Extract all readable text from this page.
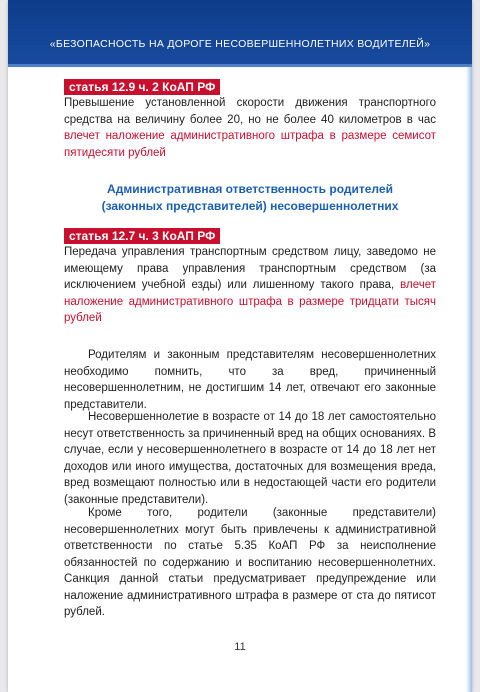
«БЕЗОПАСНОСТЬ НА ДОРОГЕ НЕСОВЕРШЕННОЛЕТНИХ ВОДИТЕЛЕЙ»
статья 12.9 ч. 2 КоАП РФ
Превышение установленной скорости движения транспортного средства на величину более 20, но не более 40 километров в час влечет наложение административного штрафа в размере семисот пятидесяти рублей
Административная ответственность родителей
(законных представителей) несовершеннолетних
статья 12.7 ч. 3 КоАП РФ
Передача управления транспортным средством лицу, заведомо не имеющему права управления транспортным средством (за исключением учебной езды) или лишенному такого права, влечет наложение административного штрафа в размере тридцати тысяч рублей

Родителям и законным представителям несовершеннолетних необходимо помнить, что за вред, причиненный несовершеннолетним, не достигшим 14 лет, отвечают его законные представители.

Несовершеннолетие в возрасте от 14 до 18 лет самостоятельно несут ответственность за причиненный вред на общих основаниях. В случае, если у несовершеннолетнего в возрасте от 14 до 18 лет нет доходов или иного имущества, достаточных для возмещения вреда, вред возмещают полностью или в недостающей части его родители (законные представители).

Кроме того, родители (законные представители) несовершеннолетних могут быть привлечены к административной ответственности по статье 5.35 КоАП РФ за неисполнение обязанностей по содержанию и воспитанию несовершеннолетних. Санкция данной статьи предусматривает предупреждение или наложение административного штрафа в размере от ста до пятисот рублей.

11
